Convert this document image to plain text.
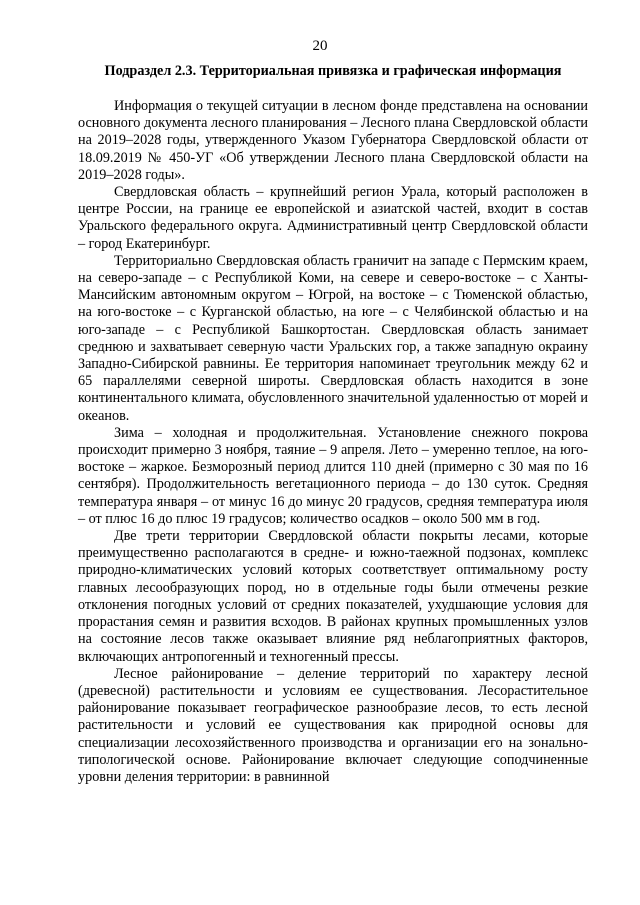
20
Подраздел 2.3. Территориальная привязка и графическая информация

Информация о текущей ситуации в лесном фонде представлена на основании основного документа лесного планирования – Лесного плана Свердловской области на 2019–2028 годы, утвержденного Указом Губернатора Свердловской области от 18.09.2019 № 450-УГ «Об утверждении Лесного плана Свердловской области на 2019–2028 годы».

Свердловская область – крупнейший регион Урала, который расположен в центре России, на границе ее европейской и азиатской частей, входит в состав Уральского федерального округа. Административный центр Свердловской области – город Екатеринбург.

Территориально Свердловская область граничит на западе с Пермским краем, на северо-западе – с Республикой Коми, на севере и северо-востоке – с Ханты-Мансийским автономным округом – Югрой, на востоке – с Тюменской областью, на юго-востоке – с Курганской областью, на юге – с Челябинской областью и на юго-западе – с Республикой Башкортостан. Свердловская область занимает среднюю и захватывает северную части Уральских гор, а также западную окраину Западно-Сибирской равнины. Ее территория напоминает треугольник между 62 и 65 параллелями северной широты. Свердловская область находится в зоне континентального климата, обусловленного значительной удаленностью от морей и океанов.

Зима – холодная и продолжительная. Установление снежного покрова происходит примерно 3 ноября, таяние – 9 апреля. Лето – умеренно теплое, на юго-востоке – жаркое. Безморозный период длится 110 дней (примерно с 30 мая по 16 сентября). Продолжительность вегетационного периода – до 130 суток. Средняя температура января – от минус 16 до минус 20 градусов, средняя температура июля – от плюс 16 до плюс 19 градусов; количество осадков – около 500 мм в год.

Две трети территории Свердловской области покрыты лесами, которые преимущественно располагаются в средне- и южно-таежной подзонах, комплекс природно-климатических условий которых соответствует оптимальному росту главных лесообразующих пород, но в отдельные годы были отмечены резкие отклонения погодных условий от средних показателей, ухудшающие условия для прорастания семян и развития всходов. В районах крупных промышленных узлов на состояние лесов также оказывает влияние ряд неблагоприятных факторов, включающих антропогенный и техногенный прессы.

Лесное районирование – деление территорий по характеру лесной (древесной) растительности и условиям ее существования. Лесорастительное районирование показывает географическое разнообразие лесов, то есть лесной растительности и условий ее существования как природной основы для специализации лесохозяйственного производства и организации его на зонально-типологической основе. Районирование включает следующие соподчиненные уровни деления территории: в равнинной
